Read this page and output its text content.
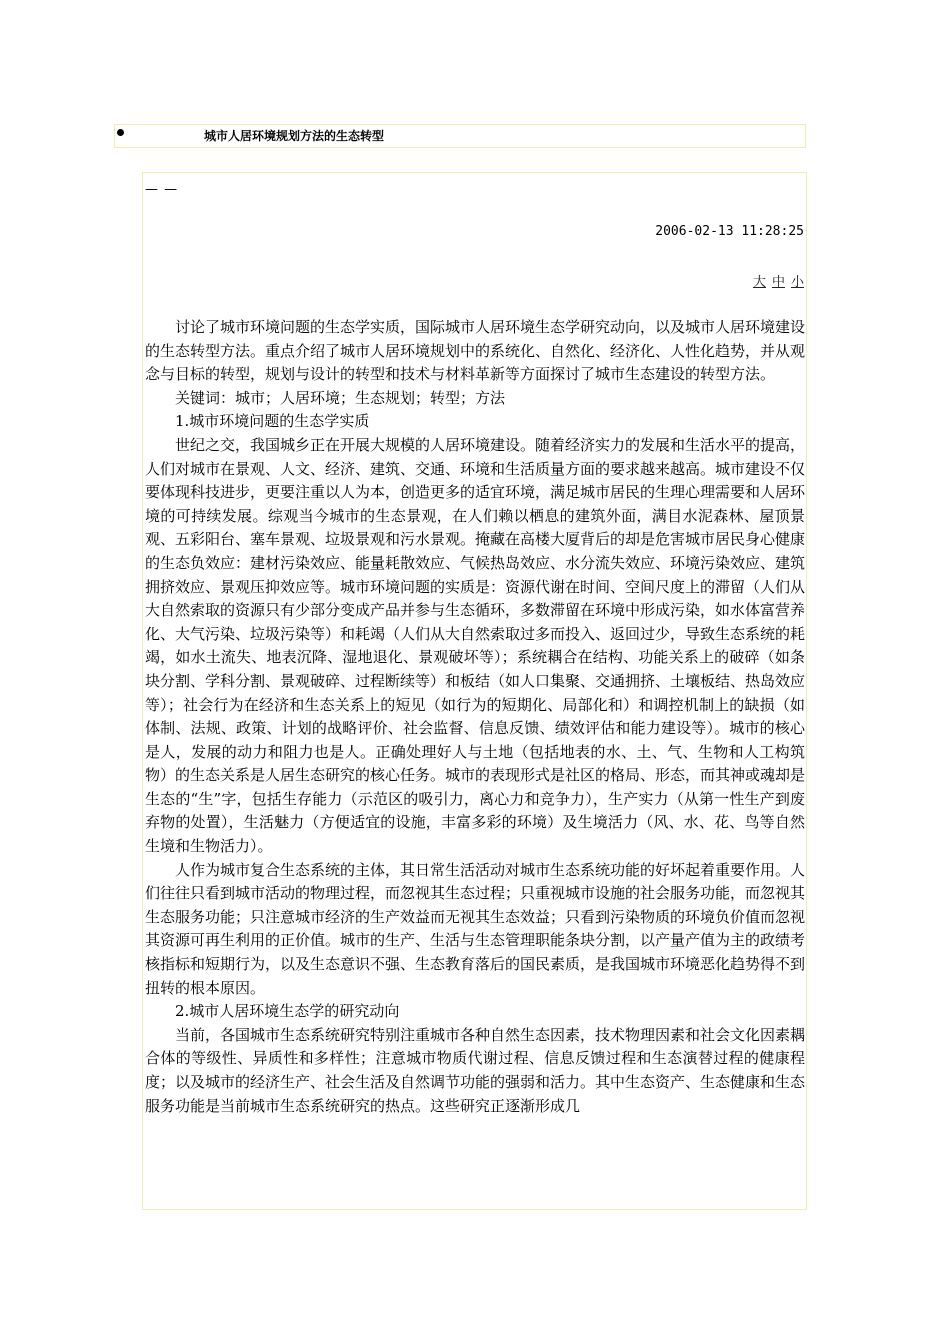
城市人居环境规划方法的生态转型
— —
2006-02-13 11:28:25
大 中 小

讨论了城市环境问题的生态学实质，国际城市人居环境生态学研究动向，以及城市人居环境建设的生态转型方法。重点介绍了城市人居环境规划中的系统化、自然化、经济化、人性化趋势，并从观念与目标的转型，规划与设计的转型和技术与材料革新等方面探讨了城市生态建设的转型方法。

关键词：城市；人居环境；生态规划；转型；方法

1.城市环境问题的生态学实质

世纪之交，我国城乡正在开展大规模的人居环境建设。随着经济实力的发展和生活水平的提高，人们对城市在景观、人文、经济、建筑、交通、环境和生活质量方面的要求越来越高。城市建设不仅要体现科技进步，更要注重以人为本，创造更多的适宜环境，满足城市居民的生理心理需要和人居环境的可持续发展。综观当今城市的生态景观，在人们赖以栖息的建筑外面，满目水泥森林、屋顶景观、五彩阳台、塞车景观、垃圾景观和污水景观。掩藏在高楼大厦背后的却是危害城市居民身心健康的生态负效应：建材污染效应、能量耗散效应、气候热岛效应、水分流失效应、环境污染效应、建筑拥挤效应、景观压抑效应等。城市环境问题的实质是：资源代谢在时间、空间尺度上的滞留（人们从大自然索取的资源只有少部分变成产品并参与生态循环，多数滞留在环境中形成污染，如水体富营养化、大气污染、垃圾污染等）和耗竭（人们从大自然索取过多而投入、返回过少，导致生态系统的耗竭，如水土流失、地表沉降、湿地退化、景观破坏等）；系统耦合在结构、功能关系上的破碎（如条块分割、学科分割、景观破碎、过程断续等）和板结（如人口集聚、交通拥挤、土壤板结、热岛效应等）；社会行为在经济和生态关系上的短见（如行为的短期化、局部化和）和调控机制上的缺损（如体制、法规、政策、计划的战略评价、社会监督、信息反馈、绩效评估和能力建设等）。城市的核心是人，发展的动力和阻力也是人。正确处理好人与土地（包括地表的水、土、气、生物和人工构筑物）的生态关系是人居生态研究的核心任务。城市的表现形式是社区的格局、形态，而其神或魂却是生态的“生”字，包括生存能力（示范区的吸引力，离心力和竞争力），生产实力（从第一性生产到废弃物的处置），生活魅力（方便适宜的设施，丰富多彩的环境）及生境活力（风、水、花、鸟等自然生境和生物活力）。

人作为城市复合生态系统的主体，其日常生活活动对城市生态系统功能的好坏起着重要作用。人们往往只看到城市活动的物理过程，而忽视其生态过程；只重视城市设施的社会服务功能，而忽视其生态服务功能；只注意城市经济的生产效益而无视其生态效益；只看到污染物质的环境负价值而忽视其资源可再生利用的正价值。城市的生产、生活与生态管理职能条块分割，以产量产值为主的政绩考核指标和短期行为，以及生态意识不强、生态教育落后的国民素质，是我国城市环境恶化趋势得不到扭转的根本原因。

2.城市人居环境生态学的研究动向

当前，各国城市生态系统研究特别注重城市各种自然生态因素，技术物理因素和社会文化因素耦合体的等级性、异质性和多样性；注意城市物质代谢过程、信息反馈过程和生态演替过程的健康程度；以及城市的经济生产、社会生活及自然调节功能的强弱和活力。其中生态资产、生态健康和生态服务功能是当前城市生态系统研究的热点。这些研究正逐渐形成几
